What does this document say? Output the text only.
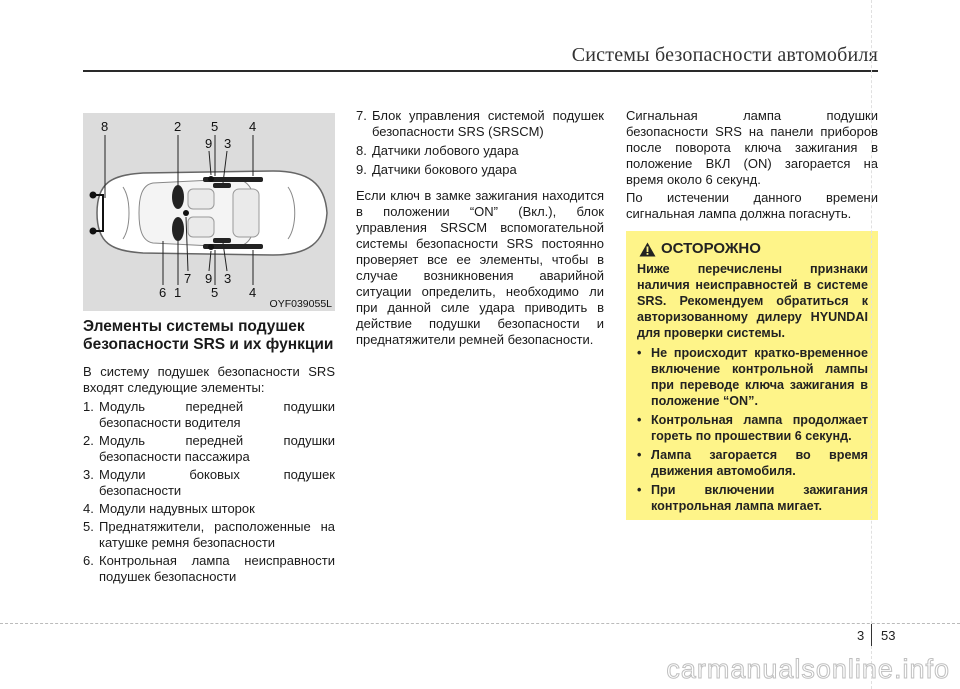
Системы безопасности автомобиля
8	2 5 4
9 3
6 1
7 9 3
5 4
OYF039055L
Элементы системы подушек безопасности SRS и их функции

В систему подушек безопасности SRS входят следующие элементы:

1. Модуль передней подушки безопасности водителя
2. Модуль передней подушки безопасности пассажира
3. Модули боковых подушек безопасности
4. Модули надувных шторок
5. Преднатяжители, расположенные на катушке ремня безопасности
6. Контрольная лампа неисправности подушек безопасности
7. Блок управления системой подушек безопасности SRS (SRSCM)
8. Датчики лобового удара
9. Датчики бокового удара

Если ключ в замке зажигания находится в положении “ON” (Вкл.), блок управления SRSCM вспомогательной системы безопасности SRS постоянно проверяет все ее элементы, чтобы в случае возникновения аварийной ситуации определить, необходимо ли при данной силе удара приводить в действие подушки безопасности и преднатяжители ремней безопасности.

Сигнальная лампа подушки безопасности SRS на панели приборов после поворота ключа зажигания в положение ВКЛ (ON) загорается на время около 6 секунд.

По истечении данного времени сигнальная лампа должна погаснуть.

ОСТОРОЖНО
Ниже перечислены признаки наличия неисправностей в системе SRS. Рекомендуем обратиться к авторизованному дилеру HYUNDAI для проверки системы.
• Не происходит кратко-временное включение контрольной лампы при переводе ключа зажигания в положение “ON”.
• Контрольная лампа продолжает гореть по прошествии 6 секунд.
• Лампа загорается во время движения автомобиля.
• При включении зажигания контрольная лампа мигает.
3 53
carmanualsonline.info
